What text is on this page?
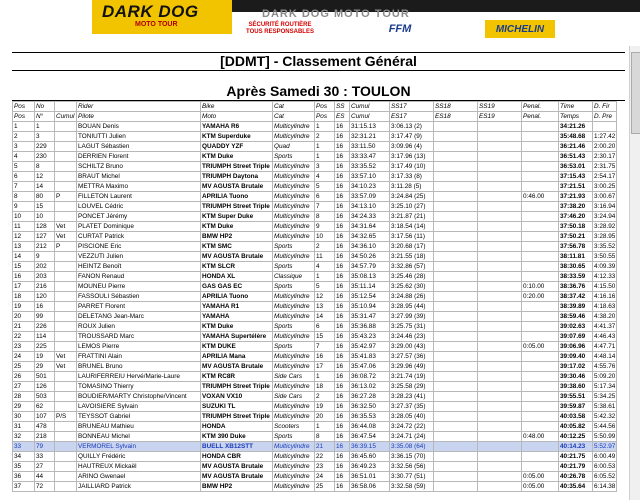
DARK DOG
MOTO TOUR
DARK DOG MOTO TOUR
SÉCURITÉ ROUTIÈRE TOUS RESPONSABLES	FFM	MICHELIN
[DDMT] - Classement Général
Après Samedi 30 : TOULON
Pos	No		Rider	Bike	Cat	Pos	SS	Cumul	SS17	SS18	SS19	Penal.	Time	D. Fir
Pos	N°	Cumul	Pilote	Moto	Cat	Pos	ES	Cumul	ES17	ES18	ES19	Penal.	Temps	D. Pre
1	1		BOUAN Denis	YAMAHA R6	Multicylindre	1	16	31:15.13	3:06.13 (2)				34:21.26	
2	3		TONIUTTI Julien	KTM Superduke	Multicylindre	2	16	32:31.21	3:17.47 (9)				35:48.68	1:27.42
3	229		LAGUT Sébastien	QUADDY YZF	Quad	1	16	33:11.50	3:09.96 (4)				36:21.46	2:00.20
4	230		DERRIEN Florent	KTM Duke	Sports	1	16	33:33.47	3:17.96 (13)				36:51.43	2:30.17
5	8		SCHILTZ Bruno	TRIUMPH Street Triple	Multicylindre	3	16	33:35.52	3:17.49 (10)				36:53.01	2:31.75
6	12		BRAUT Michel	TRIUMPH Daytona	Multicylindre	4	16	33:57.10	3:17.33 (8)				37:15.43	2:54.17
7	14		METTRA Maximo	MV AGUSTA Brutale	Multicylindre	5	16	34:10.23	3:11.28 (5)				37:21.51	3:00.25
8	80	P	FILLETON Laurent	APRILIA Tuono	Multicylindre	6	16	33:57.09	3:24.84 (25)			0:46.00	37:21.93	3:00.67
9	15		LOUVEL Cédric	TRIUMPH Street Triple	Multicylindre	7	16	34:13.10	3:25.10 (27)				37:38.20	3:16.94
10	10		PONCET Jérémy	KTM Super Duke	Multicylindre	8	16	34:24.33	3:21.87 (21)				37:46.20	3:24.94
11	128	Vet	PLATET Dominique	KTM Duke	Multicylindre	9	16	34:31.64	3:18.54 (14)				37:50.18	3:28.92
12	127	Vet	CURTAT Patrick	BMW HP2	Multicylindre	10	16	34:32.65	3:17.56 (11)				37:50.21	3:28.95
13	212	P	PISCIONE Eric	KTM SMC	Sports	2	16	34:36.10	3:20.68 (17)				37:56.78	3:35.52
14	9		VEZZUTI Julien	MV AGUSTA Brutale	Multicylindre	11	16	34:50.26	3:21.55 (18)				38:11.81	3:50.55
15	202		HEINTZ Benoît	KTM SLCR	Sports	4	16	34:57.79	3:32.86 (57)				38:30.65	4:09.39
16	203		FANON Renaud	HONDA XL	Classique	1	16	35:08.13	3:25.46 (28)				38:33.59	4:12.33
17	216		MOUNEU Pierre	GAS GAS EC	Sports	5	16	35:11.14	3:25.62 (30)			0:10.00	38:36.76	4:15.50
18	120		FASSOULI Sébastien	APRILIA Tuono	Multicylindre	12	16	35:12.54	3:24.88 (26)			0:20.00	38:37.42	4:16.16
19	16		PARRET Florent	YAMAHA R1	Multicylindre	13	16	35:10.94	3:28.95 (44)				38:39.89	4:18.63
20	99		DELETANG Jean-Marc	YAMAHA	Multicylindre	14	16	35:31.47	3:27.99 (39)				38:59.46	4:38.20
21	226		ROUX Julien	KTM Duke	Sports	6	16	35:36.88	3:25.75 (31)				39:02.63	4:41.37
22	114		TROUSSARD Marc	YAMAHA Supertélère	Multicylindre	15	16	35:43.23	3:24.46 (23)				39:07.69	4:46.43
23	225		LEMOS Pierre	KTM DUKE	Sports	7	16	35:42.97	3:29.00 (43)			0:05.00	39:06.96	4:47.71
24	19	Vet	FRATTINI Alain	APRILIA Mana	Multicylindre	16	16	35:41.83	3:27.57 (36)				39:09.40	4:48.14
25	29	Vet	BRUNEL Bruno	MV AGUSTA Brutale	Multicylindre	17	16	35:47.06	3:29.96 (49)				39:17.02	4:55.76
26	501		LAURIFERREIU Hervé/Marie-Laure	KTM RC8R	Side Cars	1	16	36:08.72	3:21.74 (19)				39:30.46	5:09.20
27	126		TOMASINO Thierry	TRIUMPH Street Triple	Multicylindre	18	16	36:13.02	3:25.58 (29)				39:38.60	5:17.34
28	503		BOUDIER/MARTY Christophe/Vincent	VOXAN VX10	Side Cars	2	16	36:27.28	3:28.23 (41)				39:55.51	5:34.25
29	62		LAVOISIERE Sylvain	SUZUKI TL	Multicylindre	19	16	36:32.50	3:27.37 (35)				39:59.87	5:38.61
30	107	P/S	TEYSSOT Gabriel	TRIUMPH Street Triple	Multicylindre	20	16	36:35.53	3:28.05 (40)				40:03.58	5:42.32
31	478		BRUNEAU Mathieu	HONDA	Scooters	1	16	36:44.08	3:24.72 (22)				40:05.82	5:44.56
32	218		BONNEAU Michel	KTM 390 Duke	Sports	8	16	36:47.54	3:24.71 (24)			0:48.00	40:12.25	5:50.99
33	79		VERMOREL Sylvain	BUELL XB12STT	Multicylindre	21	16	36:39.15	3:35.08 (64)				40:14.23	5:52.97
34	33		QUILLY Frédéric	HONDA CBR	Multicylindre	22	16	36:45.60	3:36.15 (70)				40:21.75	6:00.49
35	27		HAUTREUX Mickaël	MV AGUSTA Brutale	Multicylindre	23	16	36:49.23	3:32.56 (56)				40:21.79	6:00.53
36	44		ARINO Gwenael	MV AGUSTA Brutale	Multicylindre	24	16	36:51.01	3:30.77 (51)			0:05.00	40:26.78	6:05.52
37	72		JAILLIARD Patrick	BMW HP2	Multicylindre	25	16	36:58.06	3:32.58 (59)			0:05.00	40:35.64	6:14.38
